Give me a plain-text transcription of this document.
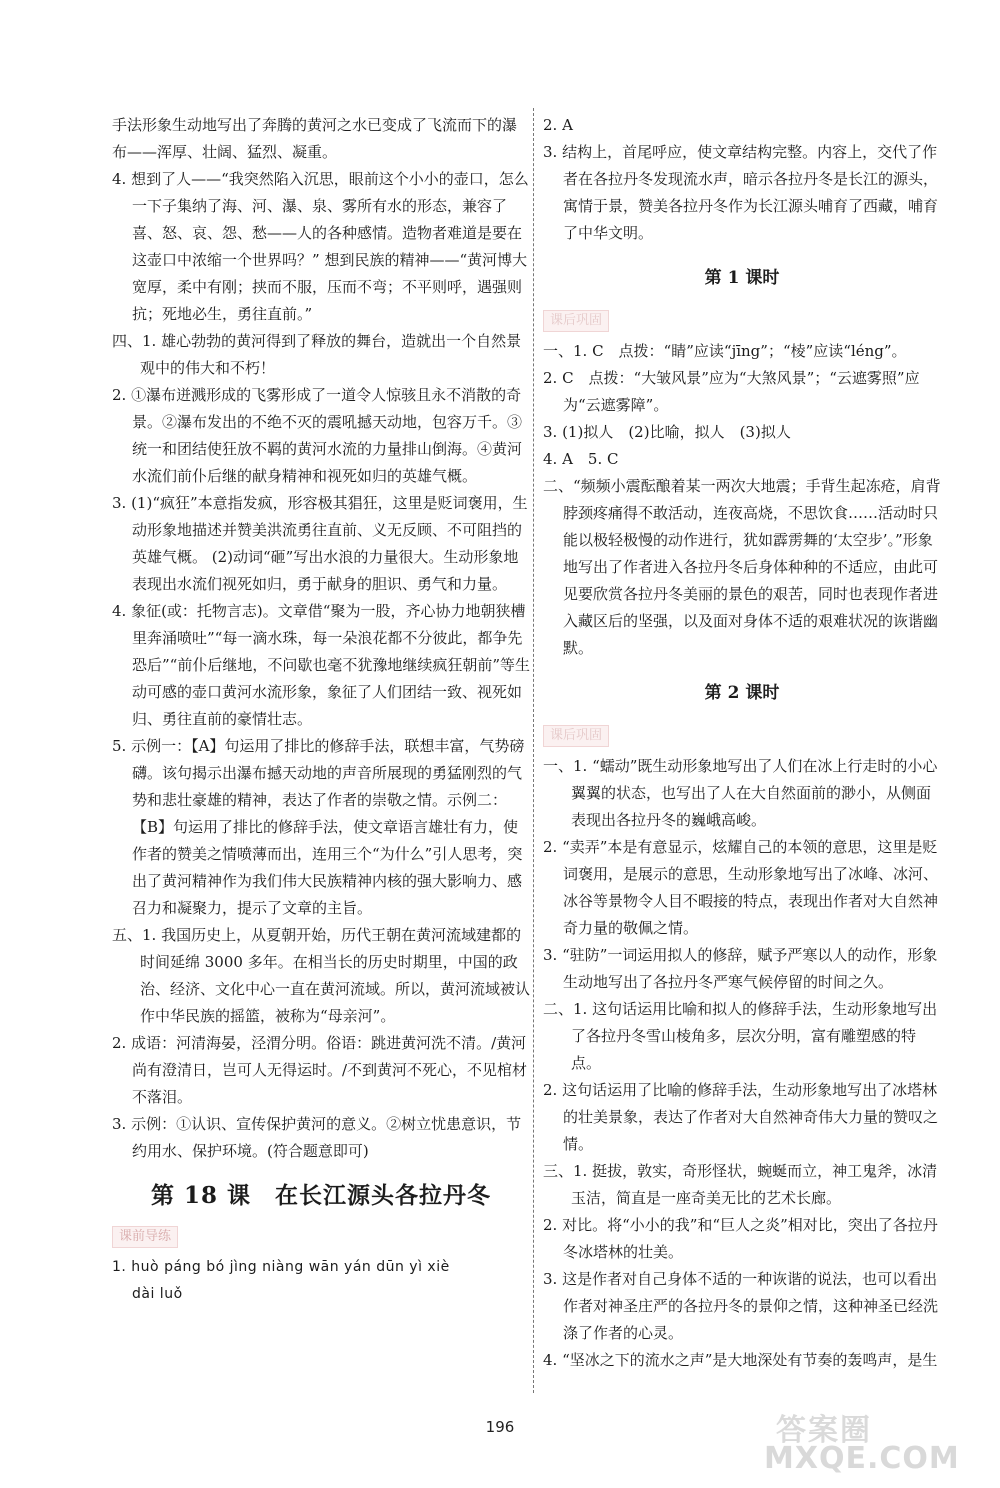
手法形象生动地写出了奔腾的黄河之水已变成了飞流而下的瀑布——浑厚、壮阔、猛烈、凝重。

4. 想到了人——“我突然陷入沉思，眼前这个小小的壶口，怎么一下子集纳了海、河、瀑、泉、雾所有水的形态，兼容了喜、怒、哀、怨、愁——人的各种感情。造物者难道是要在这壶口中浓缩一个世界吗？” 想到民族的精神——“黄河博大宽厚，柔中有刚；挟而不服，压而不弯；不平则呼，遇强则抗；死地必生，勇往直前。”

四、1. 雄心勃勃的黄河得到了释放的舞台，造就出一个自然景观中的伟大和不朽！

2. ①瀑布迸溅形成的飞雾形成了一道令人惊骇且永不消散的奇景。②瀑布发出的不绝不灭的震吼撼天动地，包容万千。③统一和团结使狂放不羁的黄河水流的力量排山倒海。④黄河水流们前仆后继的献身精神和视死如归的英雄气概。

3. (1)“疯狂”本意指发疯，形容极其猖狂，这里是贬词褒用，生动形象地描述并赞美洪流勇往直前、义无反顾、不可阻挡的英雄气概。 (2)动词“砸”写出水浪的力量很大。生动形象地表现出水流们视死如归，勇于献身的胆识、勇气和力量。

4. 象征(或：托物言志)。文章借“聚为一股，齐心协力地朝狭槽里奔涌喷吐”“每一滴水珠，每一朵浪花都不分彼此，都争先恐后”“前仆后继地，不问歇也毫不犹豫地继续疯狂朝前”等生动可感的壶口黄河水流形象，象征了人们团结一致、视死如归、勇往直前的豪情壮志。

5. 示例一：【A】句运用了排比的修辞手法，联想丰富，气势磅礴。该句揭示出瀑布撼天动地的声音所展现的勇猛刚烈的气势和悲壮豪雄的精神，表达了作者的崇敬之情。示例二：【B】句运用了排比的修辞手法，使文章语言雄壮有力，使作者的赞美之情喷薄而出，连用三个“为什么”引人思考，突出了黄河精神作为我们伟大民族精神内核的强大影响力、感召力和凝聚力，提示了文章的主旨。

五、1. 我国历史上，从夏朝开始，历代王朝在黄河流域建都的时间延绵 3000 多年。在相当长的历史时期里，中国的政治、经济、文化中心一直在黄河流域。所以，黄河流域被认作中华民族的摇篮，被称为“母亲河”。

2. 成语：河清海晏，泾渭分明。俗语：跳进黄河洗不清。/黄河尚有澄清日，岂可人无得运时。/不到黄河不死心，不见棺材不落泪。

3. 示例：①认识、宣传保护黄河的意义。②树立忧患意识，节约用水、保护环境。(符合题意即可)

第 18 课　在长江源头各拉丹冬
课前导练

1. huò páng bó jìng niàng wān yán dūn yì xiè

dài luǒ

2. A

3. 结构上，首尾呼应，使文章结构完整。内容上，交代了作者在各拉丹冬发现流水声，暗示各拉丹冬是长江的源头，寓情于景，赞美各拉丹冬作为长江源头哺育了西藏，哺育了中华文明。

第 1 课时
课后巩固

一、1. C　点拨：“睛”应读“jīng”；“棱”应读“léng”。

2. C　点拨：“大皱风景”应为“大煞风景”；“云遮雾照”应为“云遮雾障”。

3. (1)拟人　(2)比喻，拟人　(3)拟人

4. A　5. C

二、“频频小震酝酿着某一两次大地震；手背生起冻疮，肩背脖颈疼痛得不敢活动，连夜高烧，不思饮食……活动时只能以极轻极慢的动作进行，犹如霹雳舞的‘太空步’。”形象地写出了作者进入各拉丹冬后身体种种的不适应，由此可见要欣赏各拉丹冬美丽的景色的艰苦，同时也表现作者进入藏区后的坚强，以及面对身体不适的艰难状况的诙谐幽默。

第 2 课时
课后巩固

一、1. “蠕动”既生动形象地写出了人们在冰上行走时的小心翼翼的状态，也写出了人在大自然面前的渺小，从侧面表现出各拉丹冬的巍峨高峻。

2. “卖弄”本是有意显示，炫耀自己的本领的意思，这里是贬词褒用，是展示的意思，生动形象地写出了冰峰、冰河、冰谷等景物令人目不暇接的特点，表现出作者对大自然神奇力量的敬佩之情。

3. “驻防”一词运用拟人的修辞，赋予严寒以人的动作，形象生动地写出了各拉丹冬严寒气候停留的时间之久。

二、1. 这句话运用比喻和拟人的修辞手法，生动形象地写出了各拉丹冬雪山棱角多，层次分明，富有雕塑感的特点。

2. 这句话运用了比喻的修辞手法，生动形象地写出了冰塔林的壮美景象，表达了作者对大自然神奇伟大力量的赞叹之情。

三、1. 挺拔，敦实，奇形怪状，蜿蜒而立，神工鬼斧，冰清玉洁，简直是一座奇美无比的艺术长廊。

2. 对比。将“小小的我”和“巨人之炎”相对比，突出了各拉丹冬冰塔林的壮美。

3. 这是作者对自己身体不适的一种诙谐的说法，也可以看出作者对神圣庄严的各拉丹冬的景仰之情，这种神圣已经洗涤了作者的心灵。

4. “坚冰之下的流水之声”是大地深处有节奏的轰鸣声，是生

196	答案圈
MXQE.COM
